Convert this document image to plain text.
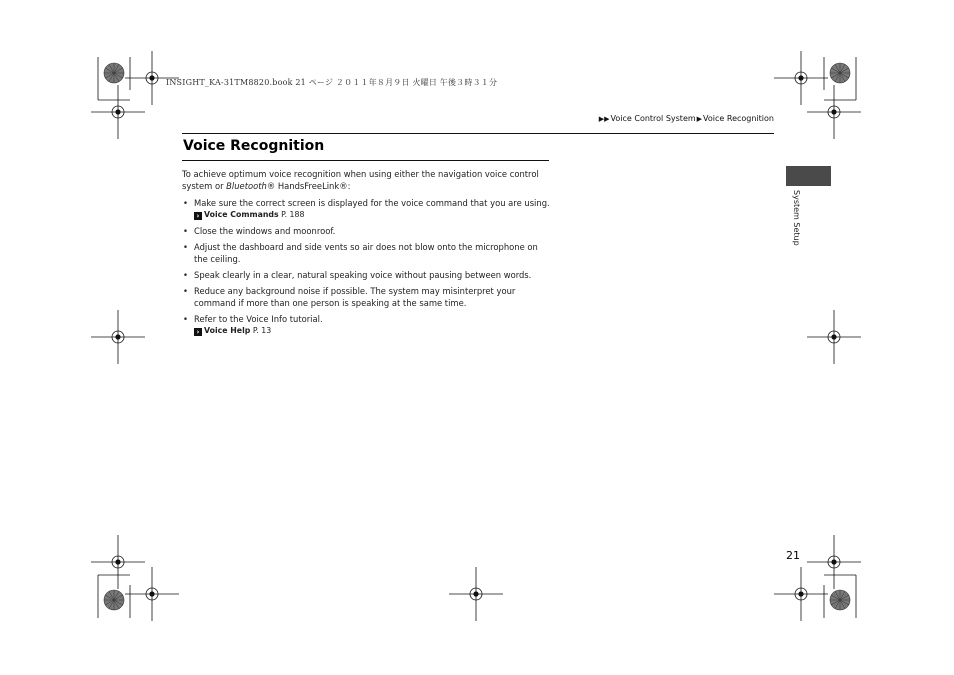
INSIGHT_KA-31TM8820.book 21 ページ ２０１１年８月９日 火曜日 午後３時３１分
▶▶Voice Control System▶Voice Recognition
Voice Recognition

To achieve optimum voice recognition when using either the navigation voice control system or Bluetooth® HandsFreeLink®:

• Make sure the correct screen is displayed for the voice command that you are using.
› Voice Commands P. 188
• Close the windows and moonroof.
• Adjust the dashboard and side vents so air does not blow onto the microphone on the ceiling.
• Speak clearly in a clear, natural speaking voice without pausing between words.
• Reduce any background noise if possible. The system may misinterpret your command if more than one person is speaking at the same time.
• Refer to the Voice Info tutorial.
› Voice Help P. 13
System Setup
21
